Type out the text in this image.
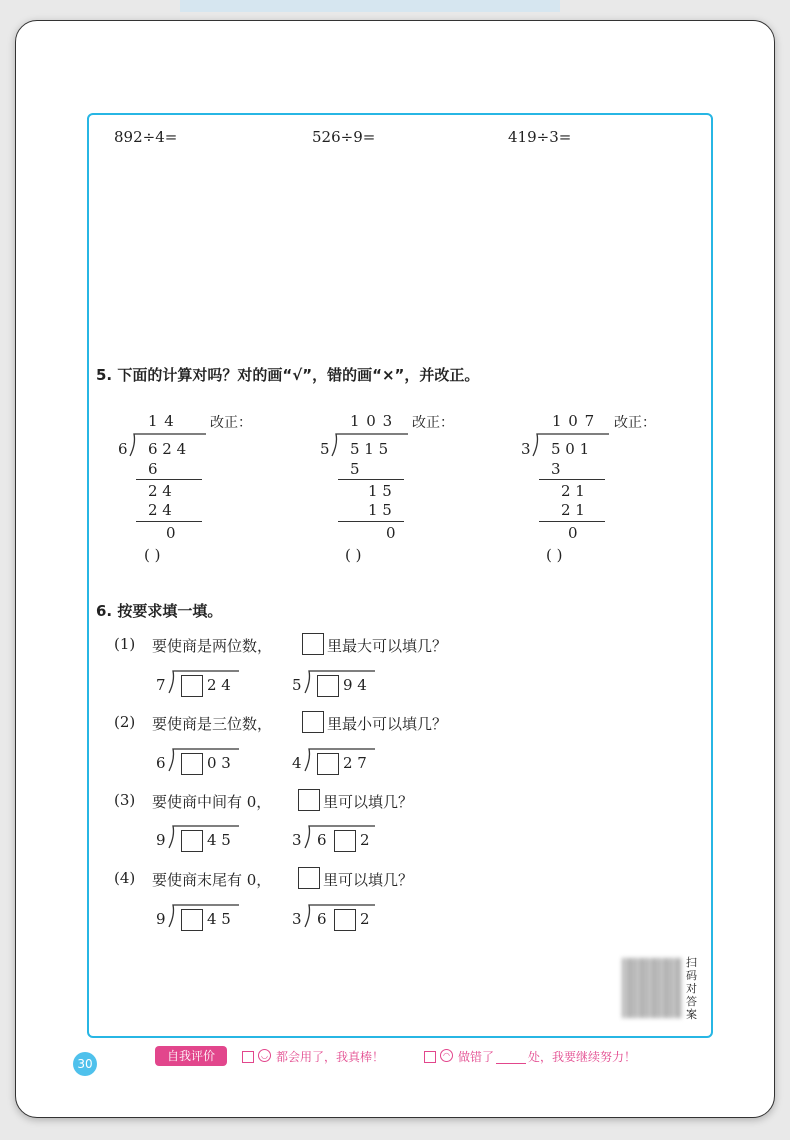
892÷4=	526÷9=	419÷3=
5. 下面的计算对吗？对的画“√”，错的画“×”，并改正。
1 4	改正：
6 6 2 4
6
2 4
2 4
0
( )
1 0 3 改正：
5 5 1 5
5
1 5
1 5
0
( )
1 0 7 改正：
3 5 0 1
3
2 1
2 1
0
( )
6. 按要求填一填。
(1) 要使商是两位数，	里最大可以填几？
7	2 4	5	9 4
(2) 要使商是三位数，	里最小可以填几？
6	0 3	4	2 7
(3) 要使商中间有 0，	里可以填几？
9	4 5	3 6 2
(4) 要使商末尾有 0，	里可以填几？
9	4 5	3 6 2
扫码对答案
30
自我评价	◡ 都会用了，我真棒！	◠ 做错了	处，我要继续努力！
